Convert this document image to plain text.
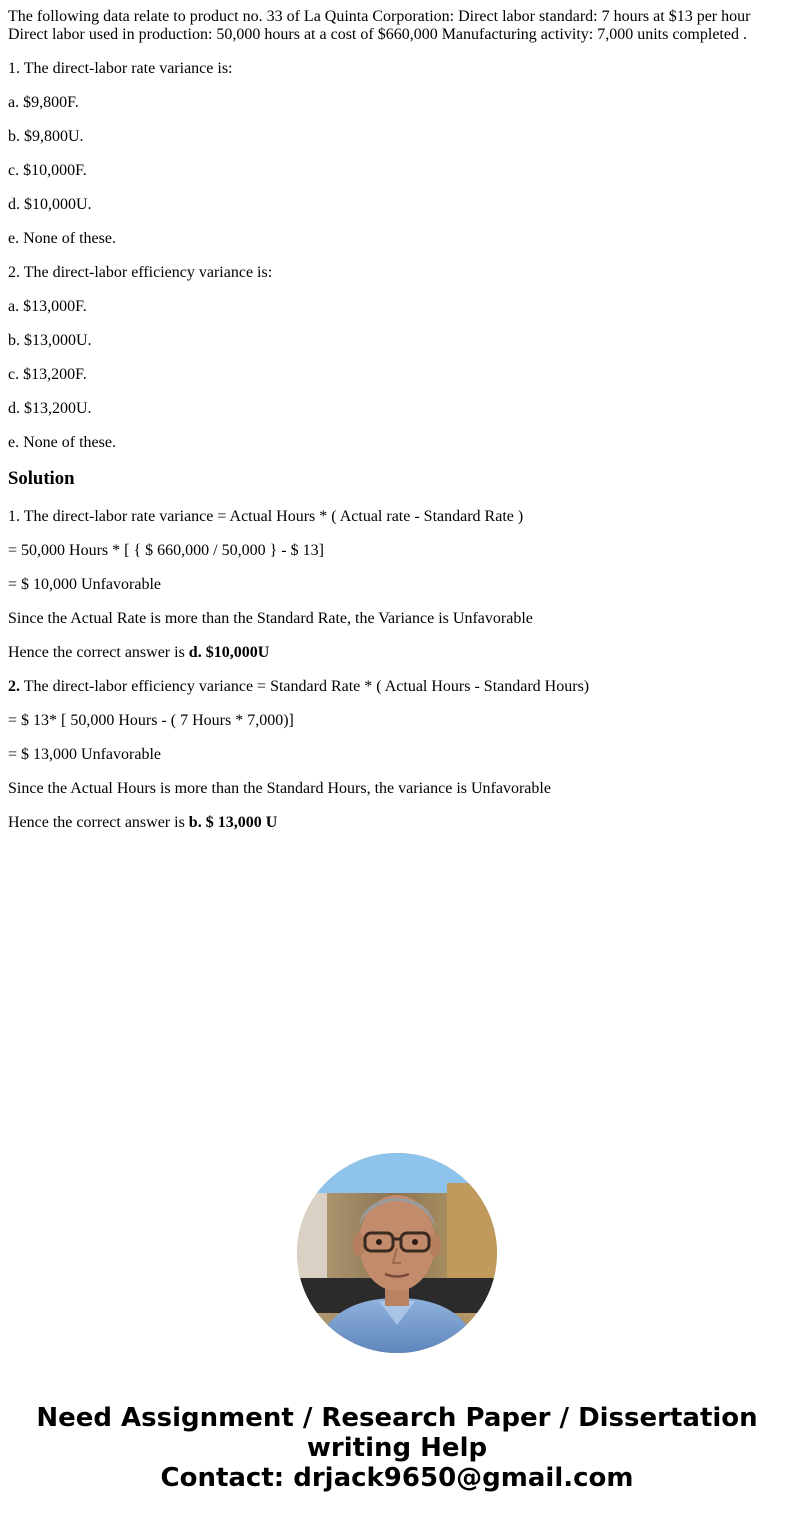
The following data relate to product no. 33 of La Quinta Corporation: Direct labor standard: 7 hours at $13 per hour Direct labor used in production: 50,000 hours at a cost of $660,000 Manufacturing activity: 7,000 units completed .

1. The direct-labor rate variance is:

a. $9,800F.

b. $9,800U.

c. $10,000F.

d. $10,000U.

e. None of these.

2. The direct-labor efficiency variance is:

a. $13,000F.

b. $13,000U.

c. $13,200F.

d. $13,200U.

e. None of these.

Solution

1. The direct-labor rate variance = Actual Hours * ( Actual rate - Standard Rate )

= 50,000 Hours * [ { $ 660,000 / 50,000 } - $ 13]

= $ 10,000 Unfavorable

Since the Actual Rate is more than the Standard Rate, the Variance is Unfavorable

Hence the correct answer is d. $10,000U

2. The direct-labor efficiency variance = Standard Rate * ( Actual Hours - Standard Hours)

= $ 13* [ 50,000 Hours - ( 7 Hours * 7,000)]

= $ 13,000 Unfavorable

Since the Actual Hours is more than the Standard Hours, the variance is Unfavorable

Hence the correct answer is b. $ 13,000 U

Need Assignment / Research Paper / Dissertation
writing Help
Contact: drjack9650@gmail.com
